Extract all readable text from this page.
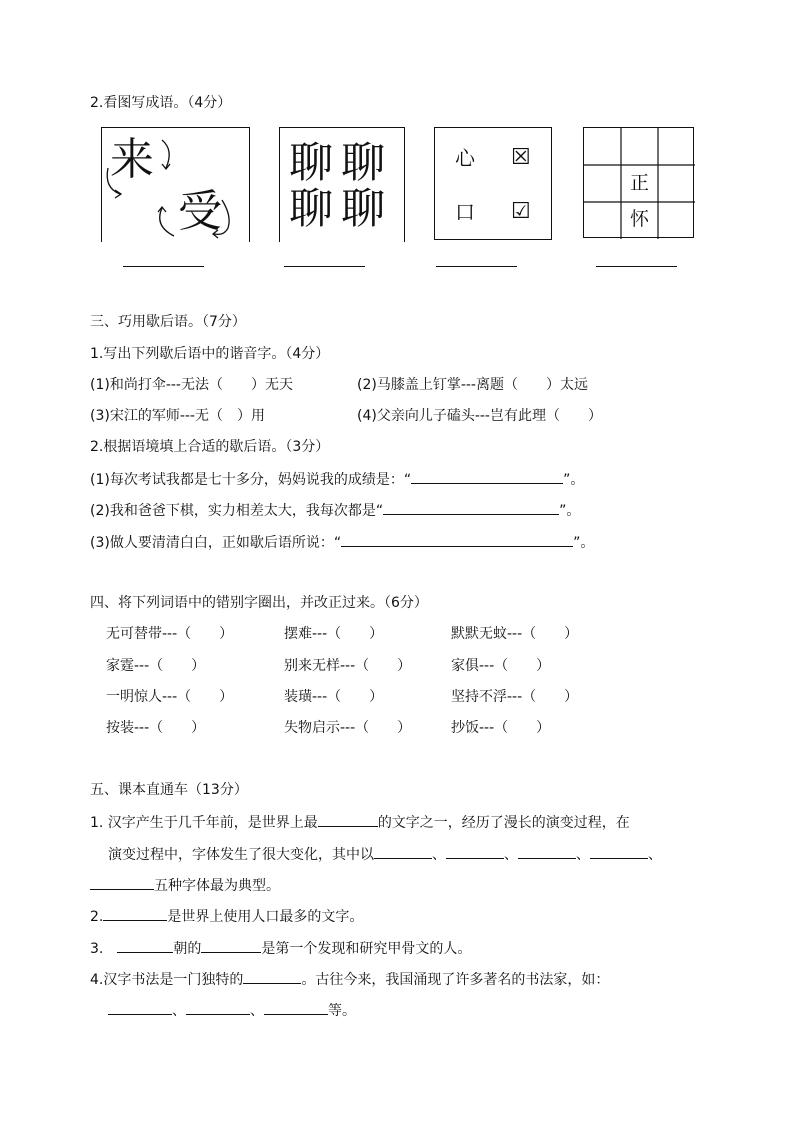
2.看图写成语。（4分）
来
受
聊 聊
聊 聊
心 ☒
口 ☑
正
怀
三、巧用歇后语。（7分）
1.写出下列歇后语中的谐音字。（4分）
(1)和尚打伞---无法（　　）无天	(2)马膝盖上钉掌---离题（　　）太远
(3)宋江的军师---无（　）用	(4)父亲向儿子磕头---岂有此理（　　）
2.根据语境填上合适的歇后语。（3分）
(1)每次考试我都是七十多分，妈妈说我的成绩是：“	”。
(2)我和爸爸下棋，实力相差太大，我每次都是“	”。
(3)做人要清清白白，正如歇后语所说：“	”。
四、将下列词语中的错别字圈出，并改正过来。（6分）
无可替带---（　　）	摆难---（　　）	默默无蚊---（　　）
家霆---（　　）	别来无样---（　　）	家俱---（　　）
一明惊人---（　　）	装璜---（　　）	坚持不浮---（　　）
按装---（　　）	失物启示---（　　）	抄饭---（　　）
五、课本直通车（13分）
1. 汉字产生于几千年前，是世界上最	的文字之一，经历了漫长的演变过程，在
演变过程中，字体发生了很大变化，其中以	、	、	、	、
五种字体最为典型。
2.	是世界上使用人口最多的文字。
3.	朝的	是第一个发现和研究甲骨文的人。
4.汉字书法是一门独特的	。古往今来，我国涌现了许多著名的书法家，如：
、	、	等。
